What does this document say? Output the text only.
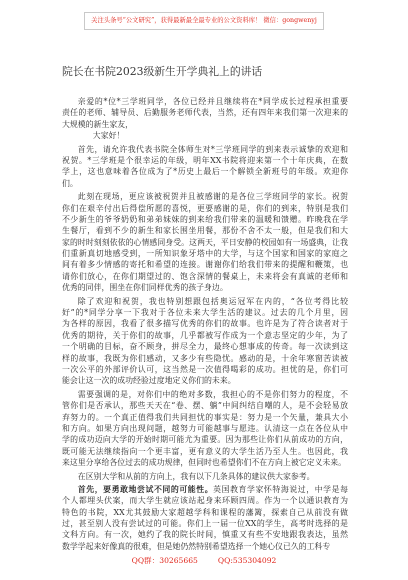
关注头条号“公文研究”，获得最新最全最专业的公文资料库！ 微信：gongwenyj
院长在书院2023级新生开学典礼上的讲话
亲爱的*位*三学班同学，各位已经并且继续将在*同学成长过程承担重要
责任的老师、辅导员、后勤服务老师代表，当然，还有四年来我们第一次迎来的
大规模的新生家友，
大家好！
首先，请允许我代表书院全体师生对*三学班同学的到来表示诚挚的欢迎和
祝贺。*三学班是个很幸运的年级，明年XX书院将迎来第一个十年庆典，在数
学上，这也意味着各位成为了*历史上最后一个解锁全新班号的年级。欢迎你
们。
此刻在现场，更应该被祝贺并且被感谢的是各位三学班同学的家长。祝贺
你们在艰辛付出后得偿所愿的喜悦，更要感谢的是，你们的到来，特别是我们
不少新生的爷爷奶奶和弟弟妹妹的到来给我们带来的温暖和馈赠。昨晚我在学
生餐厅，看到不少的新生和家长围坐用餐，那份不舍不太一般，但是我们和大
家的时时刻刻依依的心情感同身受。这两天，平日安静的校园如有一场盛典，让我
们重新真切地感受到，一所知识象牙塔中的大学，与这个国家和国家的家庭之
间有着多少情感的寄托和希望的连接。谢谢你们给我们带来的提醒和鞭策，也
请你们放心，在你们期望过的、饱含深情的餐桌上，未来将会有真诚的老师和
优秀的同伴，围坐在你们同样优秀的孩子身边。
除了欢迎和祝贺，我也特别想跟包括奥运冠军在内的，“各位考得比较
好”的*同学分享一下我对于各位未来大学生活的建议。过去的几个月里，因
为各样的原因，我看了很多描写优秀的你们的故事。也许是为了符合读者对于
优秀的期待，关于你们的故事，几乎都被写作成为一个意志坚定的少年，为了
一个明确的目标，奋不顾身，拼尽全力，最终心想事成的传奇。每一次读到这
样的故事，我既为你们感动，又多少有些隐忧。感动的是，十余年寒窗苦读被
一次公平的外部评价认可，这当然是一次值得喝彩的成功。担忧的是，你们可
能会让这一次的成功经验过度地定义你们的未来。
需要强调的是，对你们中的绝对多数，我担心的不是你们努力的程度，不
管你们是否承认，那些天天在“卷、摆、躺”中间纠结自嘲的人，是不会轻易放
弃努力的。一个真正值得我们共同担忧的事实是：努力是一个矢量，兼具大小
和方向。如果方向出现问题，越努力可能越事与愿违。认清这一点在各位从中
学的成功迈向大学的开始时期可能尤为重要。因为那些让你们从前成功的方向，
既可能无法继续指向一个更丰富，更有意义的大学生活乃至人生。也因此，我
来这里分享给各位过去的成功规律，但同时也希望你们不在方向上被它定义未来。
在区别大学和从前的方向上，我有以下几条具体的建议供大家参考。
首先，要勇敢地尝试不同的可能性。英国教育学家怀特海说过，中学是每
个人都埋头伏案，而大学生就应该站起身来环顾四周。作为一个以通识教育为
特色的书院，XX尤其鼓励大家超越学科和课程的藩篱，探索自己从前没有做
过，甚至别人没有尝试过的可能。你们上一届一位XX的学生，高考时选择的是
文科方向。有一次，她约了我的院长时间，慎重又有些不安地跟我表达，虽然
数学学起来好像真的很难，但是她仍然特别希望选择一个她心仪已久的工科专
QQ群：30265665	QQ:535304092
